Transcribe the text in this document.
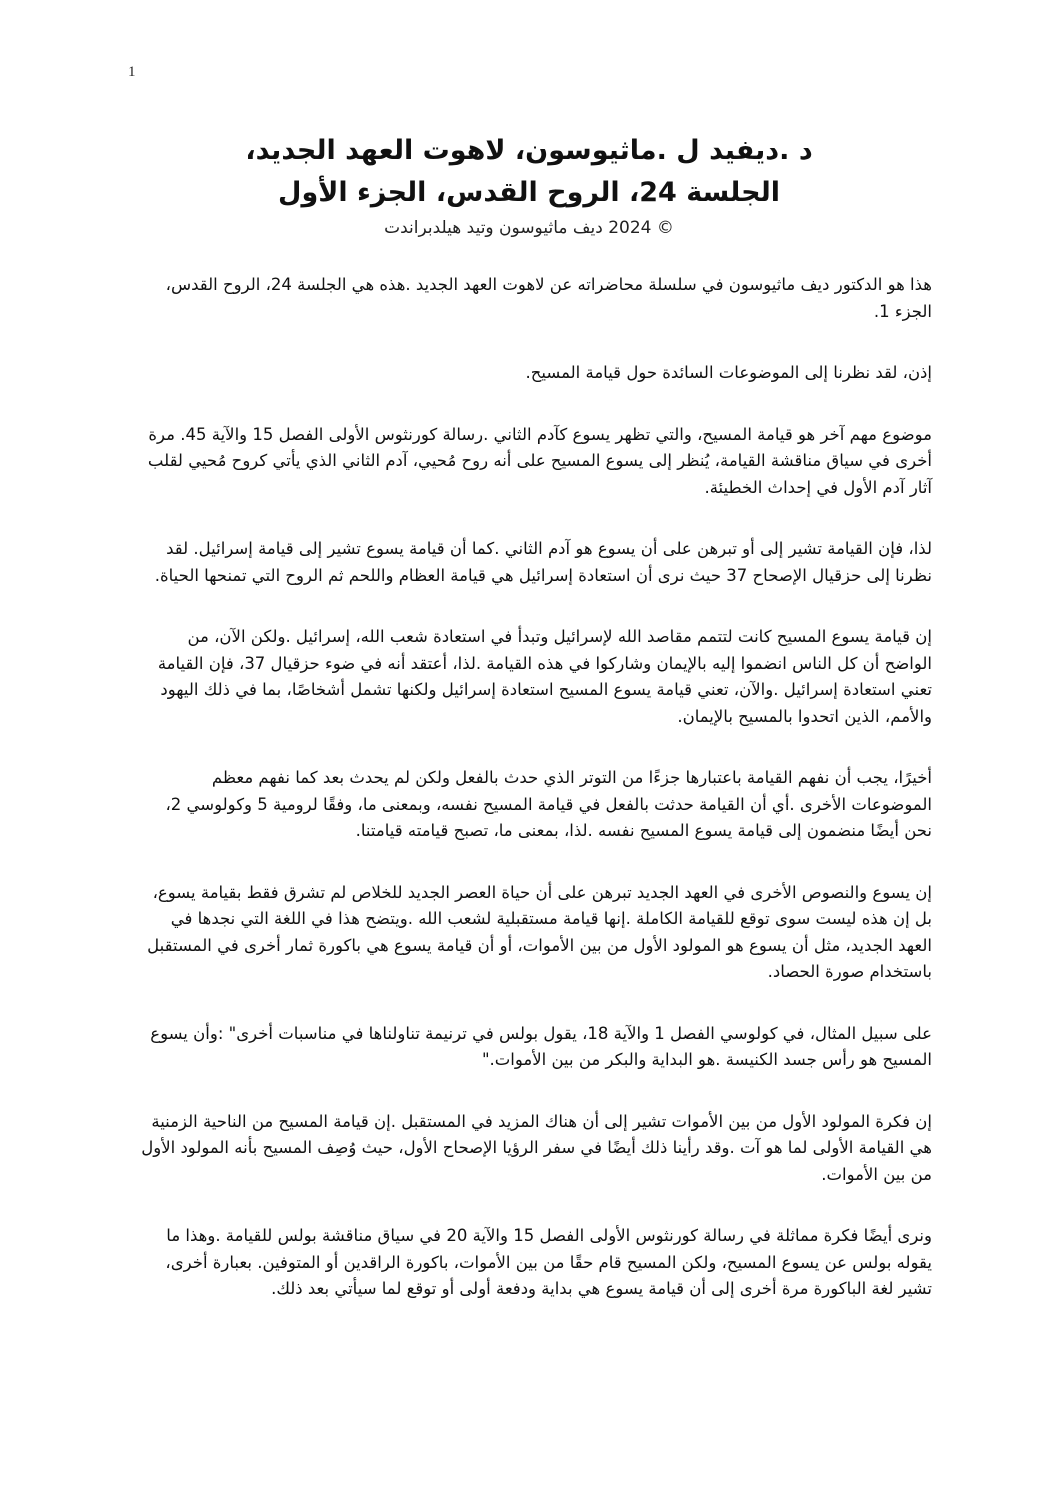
1
د .ديفيد ل .ماثيوسون، لاهوت العهد الجديد،
الجلسة 24، الروح القدس، الجزء الأول
© 2024 ديف ماثيوسون وتيد هيلدبراندت

هذا هو الدكتور ديف ماثيوسون في سلسلة محاضراته عن لاهوت العهد الجديد .هذه هي الجلسة 24، الروح القدس، الجزء 1.

إذن، لقد نظرنا إلى الموضوعات السائدة حول قيامة المسيح.

موضوع مهم آخر هو قيامة المسيح، والتي تظهر يسوع كآدم الثاني .رسالة كورنثوس الأولى الفصل 15 والآية 45. مرة أخرى في سياق مناقشة القيامة، يُنظر إلى يسوع المسيح على أنه روح مُحيي، آدم الثاني الذي يأتي كروح مُحيي لقلب آثار آدم الأول في إحداث الخطيئة.

لذا، فإن القيامة تشير إلى أو تبرهن على أن يسوع هو آدم الثاني .كما أن قيامة يسوع تشير إلى قيامة إسرائيل. لقد نظرنا إلى حزقيال الإصحاح 37 حيث نرى أن استعادة إسرائيل هي قيامة العظام واللحم ثم الروح التي تمنحها الحياة.

إن قيامة يسوع المسيح كانت لتتمم مقاصد الله لإسرائيل وتبدأ في استعادة شعب الله، إسرائيل .ولكن الآن، من الواضح أن كل الناس انضموا إليه بالإيمان وشاركوا في هذه القيامة .لذا، أعتقد أنه في ضوء حزقيال 37، فإن القيامة تعني استعادة إسرائيل .والآن، تعني قيامة يسوع المسيح استعادة إسرائيل ولكنها تشمل أشخاصًا، بما في ذلك اليهود والأمم، الذين اتحدوا بالمسيح بالإيمان.

أخيرًا، يجب أن نفهم القيامة باعتبارها جزءًا من التوتر الذي حدث بالفعل ولكن لم يحدث بعد كما نفهم معظم الموضوعات الأخرى .أي أن القيامة حدثت بالفعل في قيامة المسيح نفسه، وبمعنى ما، وفقًا لرومية 5 وكولوسي 2، نحن أيضًا منضمون إلى قيامة يسوع المسيح نفسه .لذا، بمعنى ما، تصبح قيامته قيامتنا.

إن يسوع والنصوص الأخرى في العهد الجديد تبرهن على أن حياة العصر الجديد للخلاص لم تشرق فقط بقيامة يسوع، بل إن هذه ليست سوى توقع للقيامة الكاملة .إنها قيامة مستقبلية لشعب الله .ويتضح هذا في اللغة التي نجدها في العهد الجديد، مثل أن يسوع هو المولود الأول من بين الأموات، أو أن قيامة يسوع هي باكورة ثمار أخرى في المستقبل باستخدام صورة الحصاد.

على سبيل المثال، في كولوسي الفصل 1 والآية 18، يقول بولس في ترنيمة تناولناها في مناسبات أخرى" :وأن يسوع المسيح هو رأس جسد الكنيسة .هو البداية والبكر من بين الأموات."

إن فكرة المولود الأول من بين الأموات تشير إلى أن هناك المزيد في المستقبل .إن قيامة المسيح من الناحية الزمنية هي القيامة الأولى لما هو آت .وقد رأينا ذلك أيضًا في سفر الرؤيا الإصحاح الأول، حيث وُصِف المسيح بأنه المولود الأول من بين الأموات.

ونرى أيضًا فكرة مماثلة في رسالة كورنثوس الأولى الفصل 15 والآية 20 في سياق مناقشة بولس للقيامة .وهذا ما يقوله بولس عن يسوع المسيح، ولكن المسيح قام حقًا من بين الأموات، باكورة الراقدين أو المتوفين. بعبارة أخرى، تشير لغة الباكورة مرة أخرى إلى أن قيامة يسوع هي بداية ودفعة أولى أو توقع لما سيأتي بعد ذلك.
